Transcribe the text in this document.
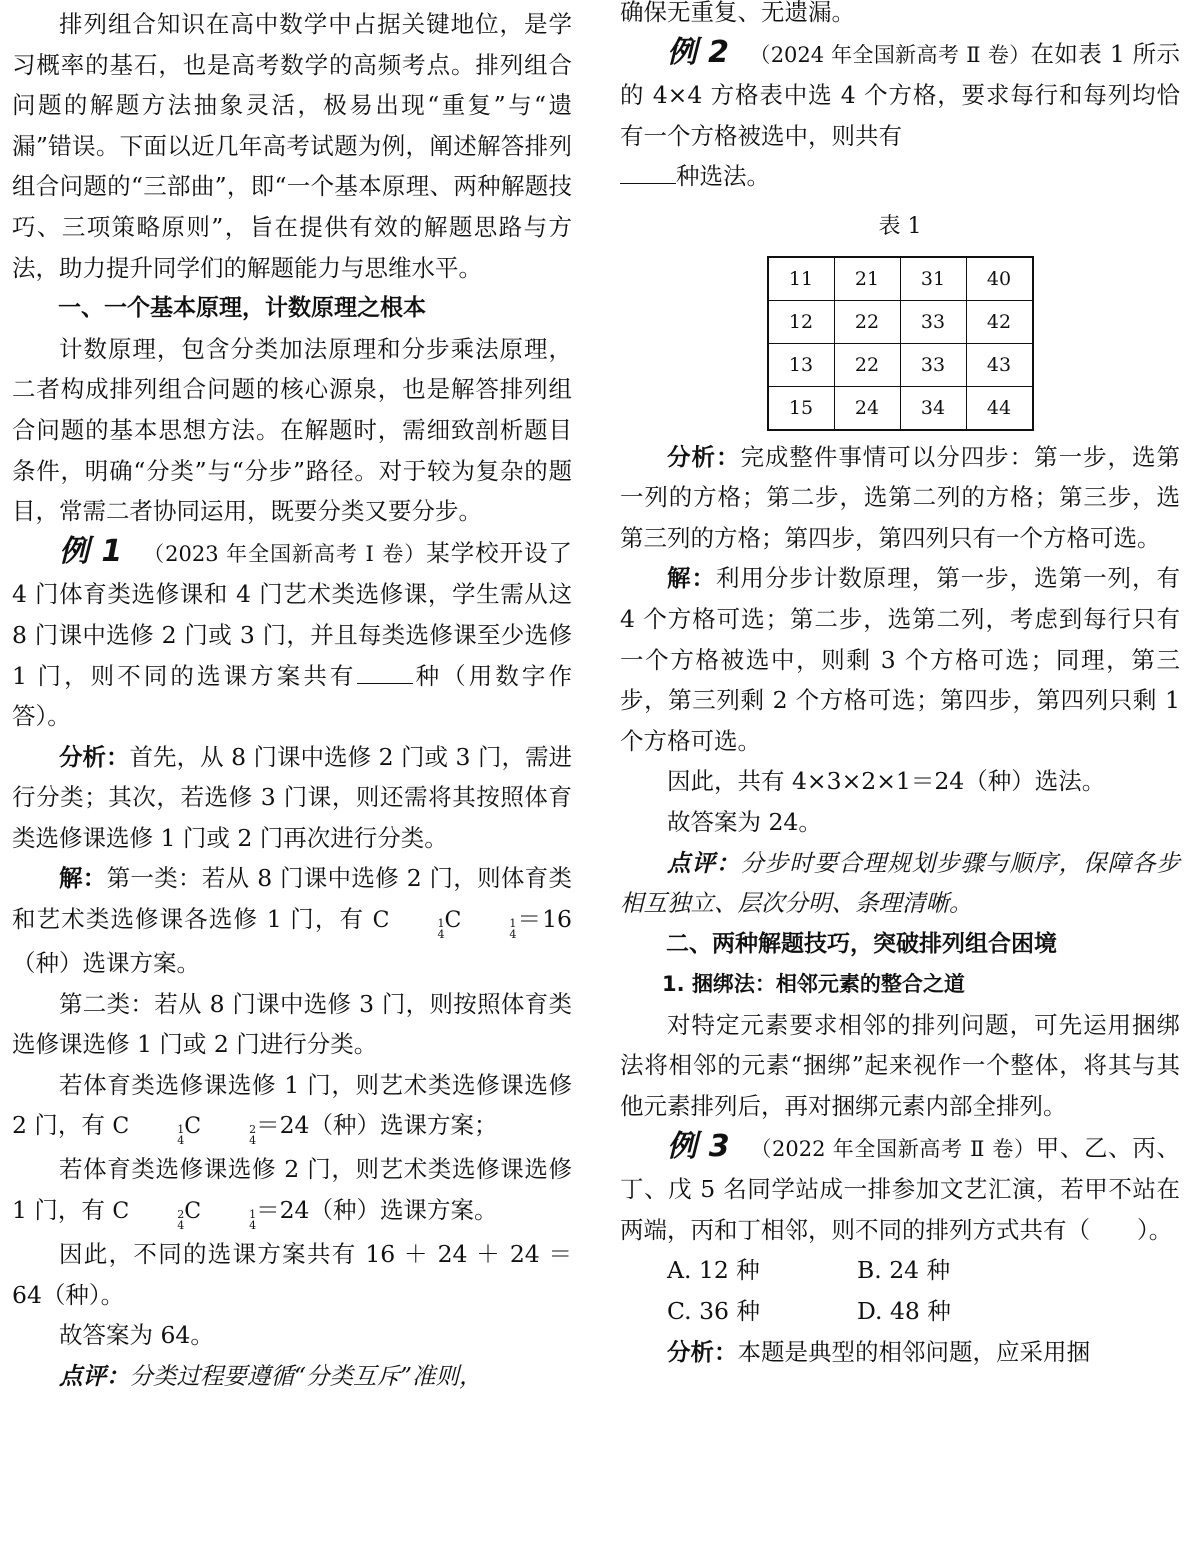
排列组合知识在高中数学中占据关键地位，是学习概率的基石，也是高考数学的高频考点。排列组合问题的解题方法抽象灵活，极易出现“重复”与“遗漏”错误。下面以近几年高考试题为例，阐述解答排列组合问题的“三部曲”，即“一个基本原理、两种解题技巧、三项策略原则”，旨在提供有效的解题思路与方法，助力提升同学们的解题能力与思维水平。

一、一个基本原理，计数原理之根本

计数原理，包含分类加法原理和分步乘法原理，二者构成排列组合问题的核心源泉，也是解答排列组合问题的基本思想方法。在解题时，需细致剖析题目条件，明确“分类”与“分步”路径。对于较为复杂的题目，常需二者协同运用，既要分类又要分步。

例 1 （2023 年全国新高考 Ⅰ 卷）某学校开设了 4 门体育类选修课和 4 门艺术类选修课，学生需从这 8 门课中选修 2 门或 3 门，并且每类选修课至少选修 1 门，则不同的选课方案共有 种（用数字作答）。

分析：首先，从 8 门课中选修 2 门或 3 门，需进行分类；其次，若选修 3 门课，则还需将其按照体育类选修课选修 1 门或 2 门再次进行分类。

解：第一类：若从 8 门课中选修 2 门，则体育类和艺术类选修课各选修 1 门，有 C	1
4
C	1
4
＝16（种）选课方案。

第二类：若从 8 门课中选修 3 门，则按照体育类选修课选修 1 门或 2 门进行分类。

若体育类选修课选修 1 门，则艺术类选修课选修 2 门，有 C	1
4
C	2
4
＝24（种）选课方案；

若体育类选修课选修 2 门，则艺术类选修课选修 1 门，有 C	2
4
C	1
4
＝24（种）选课方案。

因此，不同的选课方案共有 16 ＋ 24 ＋ 24 ＝64（种）。

故答案为 64。

点评：分类过程要遵循“分类互斥”准则，

确保无重复、无遗漏。

例 2 （2024 年全国新高考 Ⅱ 卷）在如表 1 所示的 4×4 方格表中选 4 个方格，要求每行和每列均恰有一个方格被选中，则共有
种选法。

表 1
11	21	31	40
12	22	33	42
13	22	33	43
15	24	34	44

分析：完成整件事情可以分四步：第一步，选第一列的方格；第二步，选第二列的方格；第三步，选第三列的方格；第四步，第四列只有一个方格可选。

解：利用分步计数原理，第一步，选第一列，有 4 个方格可选；第二步，选第二列，考虑到每行只有一个方格被选中，则剩 3 个方格可选；同理，第三步，第三列剩 2 个方格可选；第四步，第四列只剩 1 个方格可选。

因此，共有 4×3×2×1＝24（种）选法。

故答案为 24。

点评：分步时要合理规划步骤与顺序，保障各步相互独立、层次分明、条理清晰。

二、两种解题技巧，突破排列组合困境

1. 捆绑法：相邻元素的整合之道

对特定元素要求相邻的排列问题，可先运用捆绑法将相邻的元素“捆绑”起来视作一个整体，将其与其他元素排列后，再对捆绑元素内部全排列。

例 3 （2022 年全国新高考 Ⅱ 卷）甲、乙、丙、丁、戊 5 名同学站成一排参加文艺汇演，若甲不站在两端，丙和丁相邻，则不同的排列方式共有（　　）。

A. 12 种	B. 24 种
C. 36 种	D. 48 种

分析：本题是典型的相邻问题，应采用捆
